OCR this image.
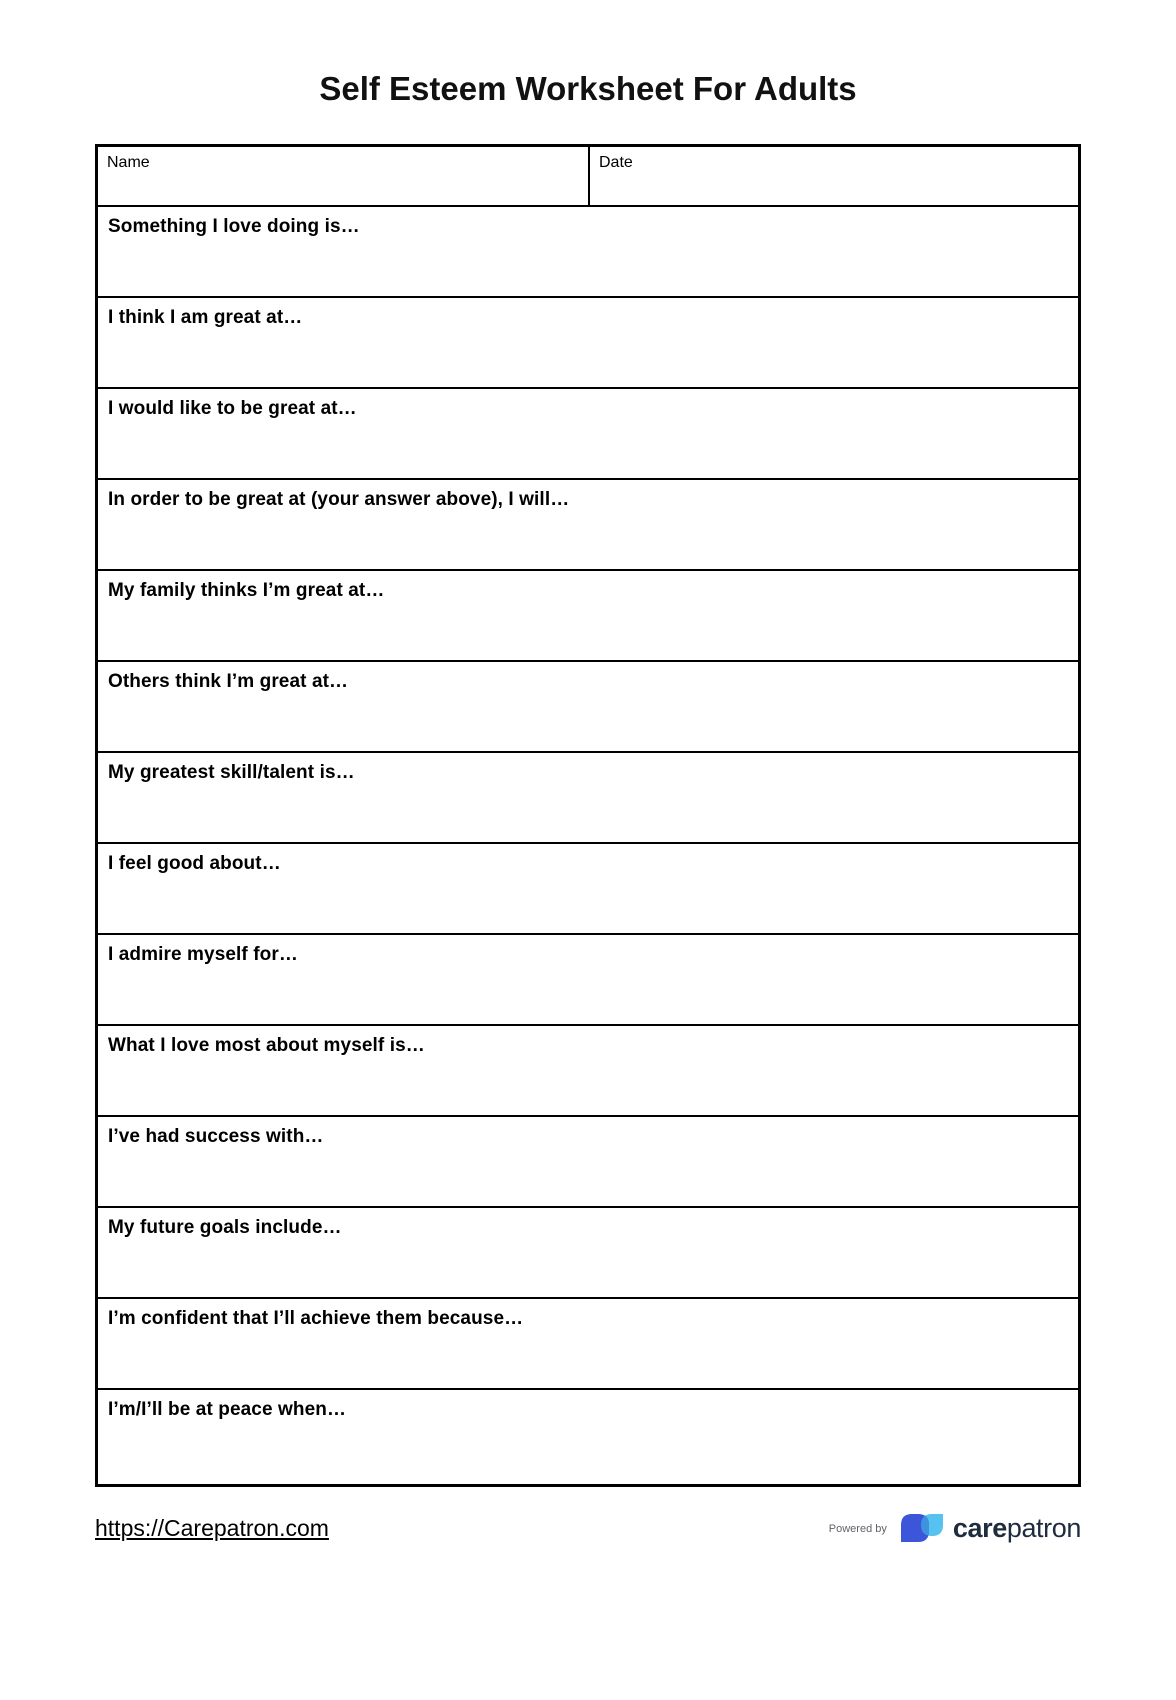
Self Esteem Worksheet For Adults
Name	Date
Something I love doing is…
I think I am great at…
I would like to be great at…
In order to be great at (your answer above), I will…
My family thinks I’m great at…
Others think I’m great at…
My greatest skill/talent is…
I feel good about…
I admire myself for…
What I love most about myself is…
I’ve had success with…
My future goals include…
I’m confident that I’ll achieve them because…
I’m/I’ll be at peace when…
https://Carepatron.com	Powered by carepatron
